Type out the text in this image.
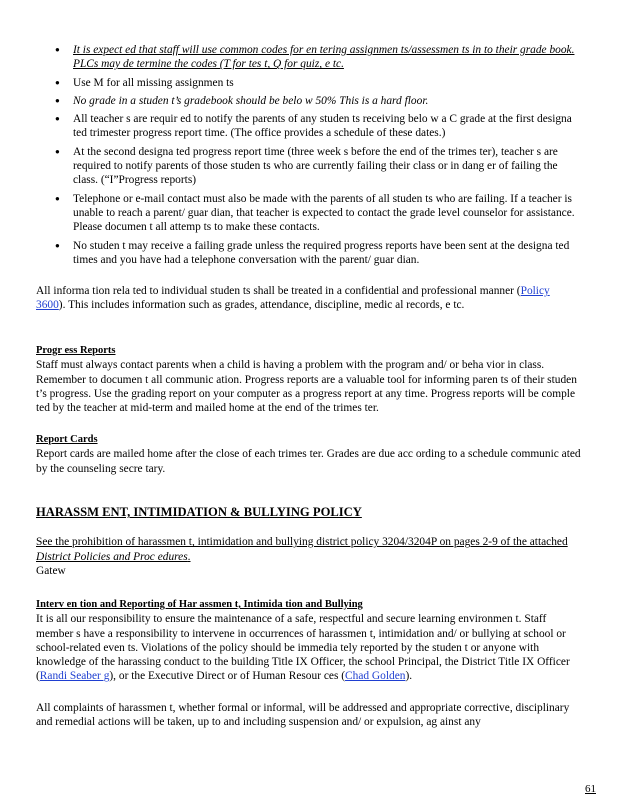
● It is expect ed that staff will use common codes for en tering assignmen ts/assessmen ts in to their grade book. PLCs may de termine the codes (T for tes t, Q for quiz, e tc.
● Use M for all missing assignmen ts
● No grade in a studen t’s gradebook should be belo w 50% This is a hard floor.
● All teacher s are requir ed to notify the parents of any studen ts receiving belo w a C grade at the first designa ted trimester progress report time. (The office provides a schedule of these dates.)
● At the second designa ted progress report time (three week s before the end of the trimes ter), teacher s are required to notify parents of those studen ts who are currently failing their class or in dang er of failing the class. (“I”Progress reports)
● Telephone or e-mail contact must also be made with the parents of all studen ts who are failing. If a teacher is unable to reach a parent/ guar dian, that teacher is expected to contact the grade level counselor for assistance. Please documen t all attemp ts to make these contacts.
● No studen t may receive a failing grade unless the required progress reports have been sent at the designa ted times and you have had a telephone conversation with the parent/ guar dian.
All informa tion rela ted to individual studen ts shall be treated in a confidential and professional manner (Policy 3600). This includes information such as grades, attendance, discipline, medic al records, e tc.
Progr ess Reports
Staff must always contact parents when a child is having a problem with the program and/ or beha vior in class. Remember to documen t all communic ation. Progress reports are a valuable tool for informing paren ts of their studen t’s progress. Use the grading report on your computer as a progress report at any time. Progress reports will be comple ted by the teacher at mid-term and mailed home at the end of the trimes ter.
Report Cards
Report cards are mailed home after the close of each trimes ter. Grades are due acc ording to a schedule communic ated by the counseling secre tary.
HARASSM ENT, INTIMIDATION & BULLYING POLICY
See the prohibition of harassmen t, intimidation and bullying district policy 3204/3204P on pages 2-9 of the attached District Policies and Proc edures.
Gatew
Interv en tion and Reporting of Har assmen t, Intimida tion and Bullying
It is all our responsibility to ensure the maintenance of a safe, respectful and secure learning environmen t. Staff member s have a responsibility to intervene in occurrences of harassmen t, intimidation and/ or bullying at school or school-related even ts. Violations of the policy should be immedia tely reported by the studen t or anyone with knowledge of the harassing conduct to the building Title IX Officer, the school Principal, the District Title IX Officer (Randi Seaber g), or the Executive Direct or of Human Resour ces (Chad Golden).
All complaints of harassmen t, whether formal or informal, will be addressed and appropriate corrective, disciplinary and remedial actions will be taken, up to and including suspension and/ or expulsion, ag ainst any
61
